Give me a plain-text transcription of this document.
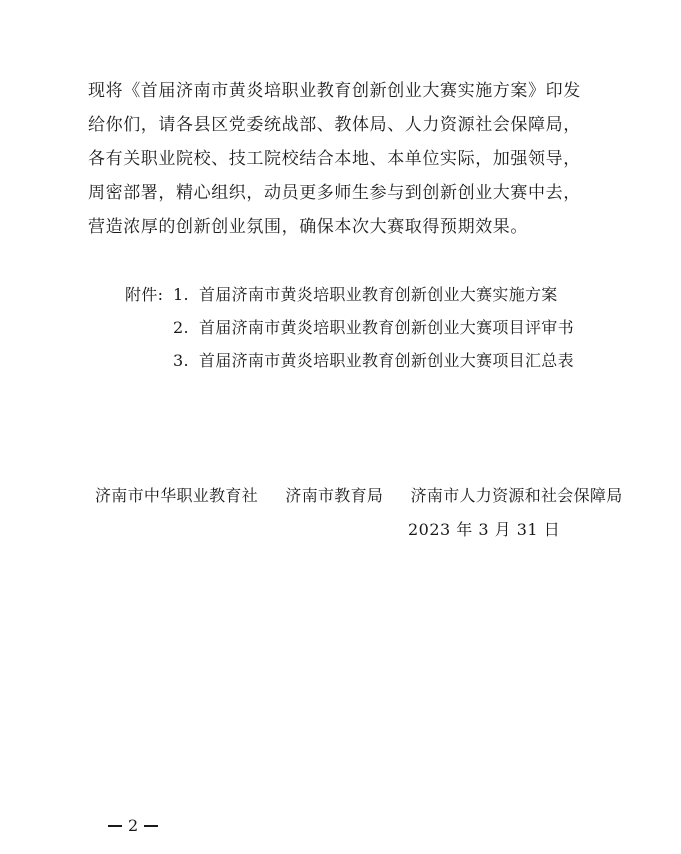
现将《首届济南市黄炎培职业教育创新创业大赛实施方案》印发
给你们，请各县区党委统战部、教体局、人力资源社会保障局，
各有关职业院校、技工院校结合本地、本单位实际，加强领导，
周密部署，精心组织，动员更多师生参与到创新创业大赛中去，
营造浓厚的创新创业氛围，确保本次大赛取得预期效果。
附件: 1. 首届济南市黄炎培职业教育创新创业大赛实施方案
2. 首届济南市黄炎培职业教育创新创业大赛项目评审书
3. 首届济南市黄炎培职业教育创新创业大赛项目汇总表
济南市中华职业教育社 济南市教育局 济南市人力资源和社会保障局
2023 年 3 月 31 日
2
